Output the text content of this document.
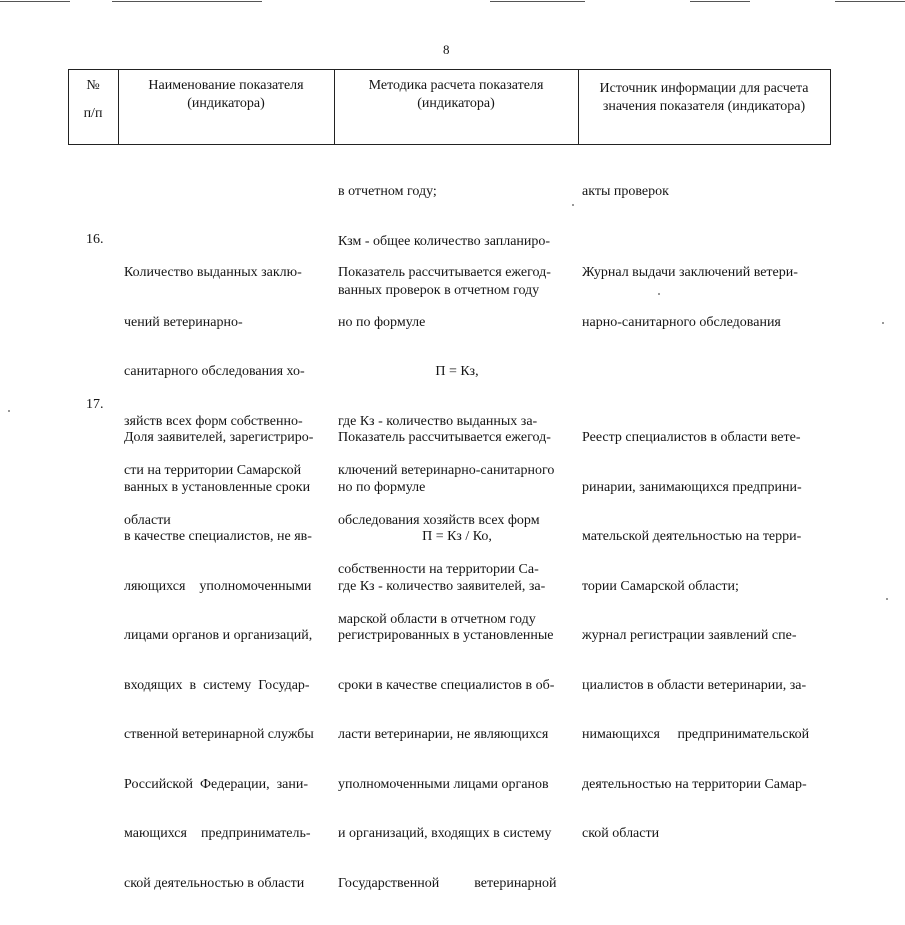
8
№
п/п
Наименование показателя
(индикатора)
Методика расчета показателя
(индикатора)
Источник информации для расчета
значения показателя (индикатора)

в отчетном году;

Кзм - общее количество запланиро-

ванных проверок в отчетном году

акты проверок

16.

Количество выданных заклю-

чений ветеринарно-

санитарного обследования хо-

зяйств всех форм собственно-

сти на территории Самарской

области

Показатель рассчитывается ежегод-

но по формуле

П = Кз,

где Кз - количество выданных за-

ключений ветеринарно-санитарного

обследования хозяйств всех форм

собственности на территории Са-

марской области в отчетном году

Журнал выдачи заключений ветери-

нарно-санитарного обследования

17.

Доля заявителей, зарегистриро-

ванных в установленные сроки

в качестве специалистов, не яв-

ляющихся    уполномоченными

лицами органов и организаций,

входящих  в  систему  Государ-

ственной ветеринарной службы

Российской  Федерации,  зани-

мающихся    предприниматель-

ской деятельностью в области

Показатель рассчитывается ежегод-

но по формуле

П = Кз / Ко,

где Кз - количество заявителей, за-

регистрированных в установленные

сроки в качестве специалистов в об-

ласти ветеринарии, не являющихся

уполномоченными лицами органов

и организаций, входящих в систему

Государственной          ветеринарной

Реестр специалистов в области вете-

ринарии, занимающихся предприни-

мательской деятельностью на терри-

тории Самарской области;

журнал регистрации заявлений спе-

циалистов в области ветеринарии, за-

нимающихся     предпринимательской

деятельностью на территории Самар-

ской области
